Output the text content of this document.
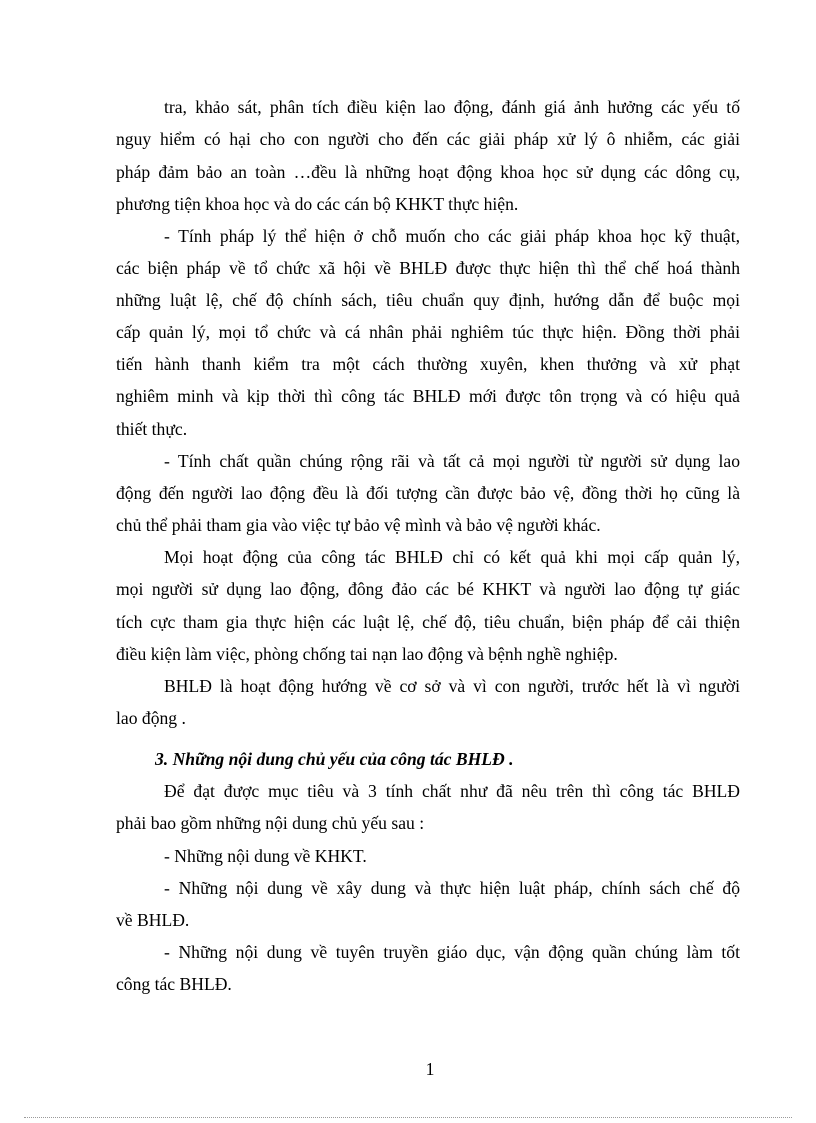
tra, khảo sát, phân tích điều kiện lao động, đánh giá ảnh hưởng các yếu tố
nguy hiểm có hại cho con người cho đến các giải pháp xử lý ô nhiễm, các giải
pháp đảm bảo an toàn …đều là những hoạt động khoa học sử dụng các dông cụ,
phương tiện khoa học và do các cán bộ KHKT thực hiện.
- Tính pháp lý thể hiện ở chỗ muốn cho các giải pháp khoa học kỹ thuật,
các biện pháp về tổ chức xã hội về BHLĐ được thực hiện thì thể chế hoá thành
những luật lệ, chế độ chính sách, tiêu chuẩn quy định, hướng dẫn để buộc mọi
cấp quản lý, mọi tổ chức và cá nhân phải nghiêm túc thực hiện. Đồng thời phải
tiến hành thanh kiểm tra một cách thường xuyên, khen thưởng và xử phạt
nghiêm minh và kịp thời thì công tác BHLĐ mới được tôn trọng và có hiệu quả
thiết thực.
- Tính chất quần chúng rộng rãi và tất cả mọi người từ người sử dụng lao
động đến người lao động đều là đối tượng cần được bảo vệ, đồng thời họ cũng là
chủ thể phải tham gia vào việc tự bảo vệ mình và bảo vệ người khác.
Mọi hoạt động của công tác BHLĐ chỉ có kết quả khi mọi cấp quản lý,
mọi người sử dụng lao động, đông đảo các bé KHKT và người lao động tự giác
tích cực tham gia thực hiện các luật lệ, chế độ, tiêu chuẩn, biện pháp để cải thiện
điều kiện làm việc, phòng chống tai nạn lao động và bệnh nghề nghiệp.
BHLĐ là hoạt động hướng về cơ sở và vì con người, trước hết là vì người
lao động .
3. Những nội dung chủ yếu của công tác BHLĐ .
Để đạt được mục tiêu và 3 tính chất như đã nêu trên thì công tác BHLĐ
phải bao gồm những nội dung chủ yếu sau :
- Những nội dung về KHKT.
- Những nội dung về xây dung và thực hiện luật pháp, chính sách chế độ
về BHLĐ.
- Những nội dung về tuyên truyền giáo dục, vận động quần chúng làm tốt
công tác BHLĐ.
1
